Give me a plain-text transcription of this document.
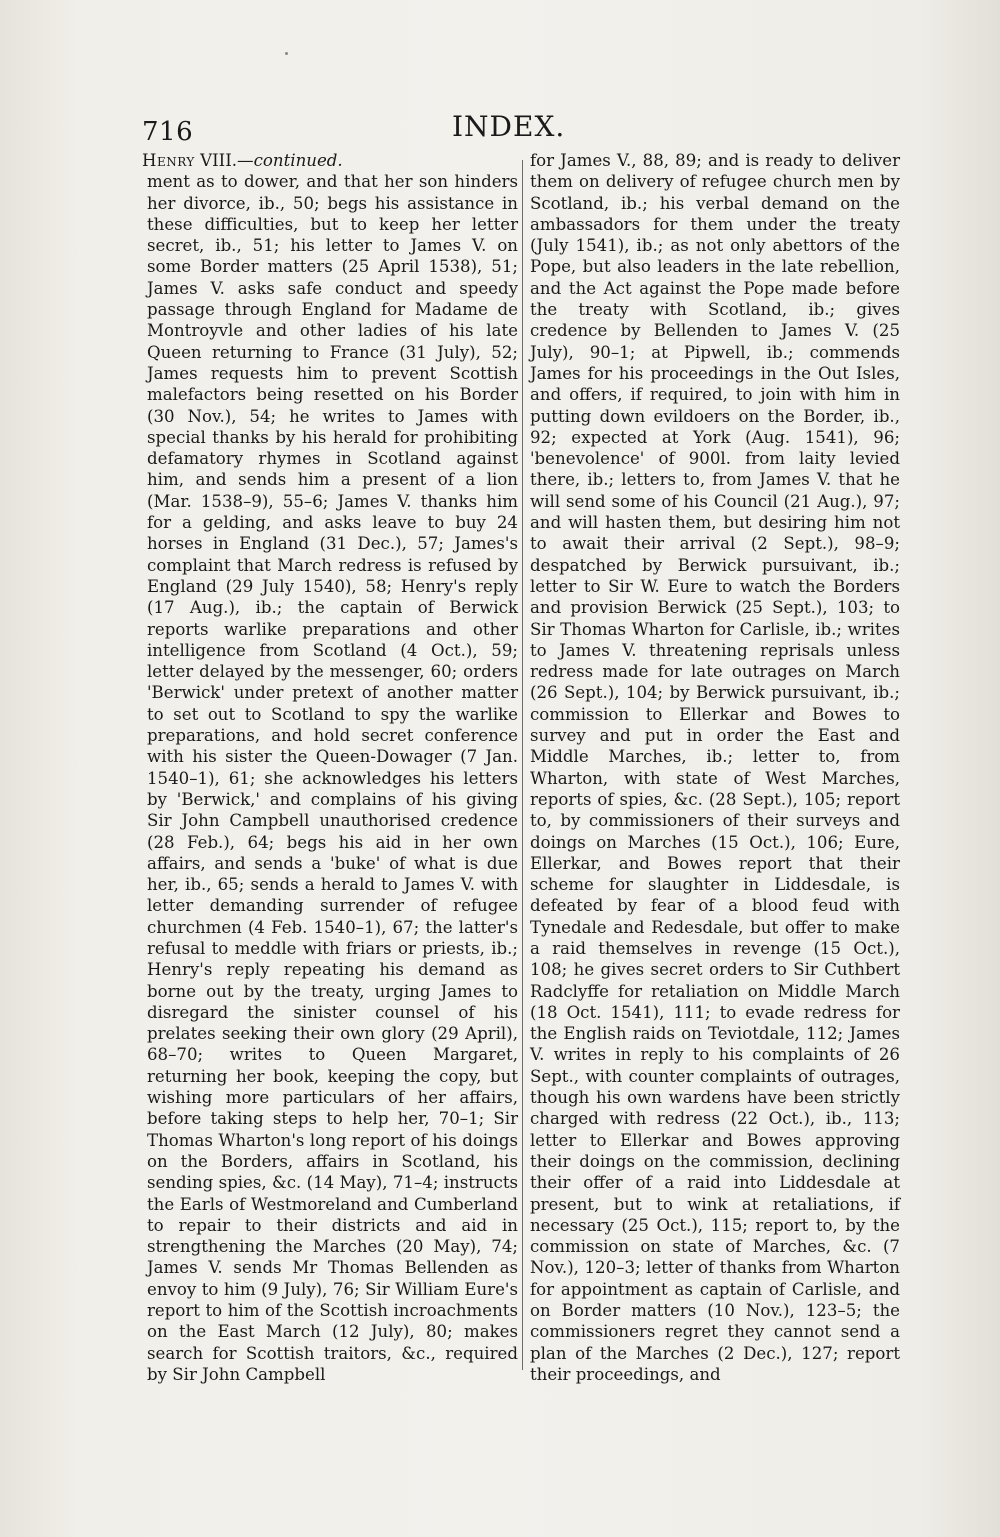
716	INDEX.
Henry VIII.—continued.
ment as to dower, and that her son hinders her divorce, ib., 50; begs his assistance in these difficulties, but to keep her letter secret, ib., 51; his letter to James V. on some Border matters (25 April 1538), 51; James V. asks safe conduct and speedy passage through England for Madame de Montroyvle and other ladies of his late Queen returning to France (31 July), 52; James requests him to prevent Scottish malefactors being resetted on his Border (30 Nov.), 54; he writes to James with special thanks by his herald for prohibiting defamatory rhymes in Scotland against him, and sends him a present of a lion (Mar. 1538–9), 55–6; James V. thanks him for a gelding, and asks leave to buy 24 horses in England (31 Dec.), 57; James's complaint that March redress is refused by England (29 July 1540), 58; Henry's reply (17 Aug.), ib.; the captain of Berwick reports warlike preparations and other intelligence from Scotland (4 Oct.), 59; letter delayed by the messenger, 60; orders 'Berwick' under pretext of another matter to set out to Scotland to spy the warlike preparations, and hold secret conference with his sister the Queen-Dowager (7 Jan. 1540–1), 61; she acknowledges his letters by 'Berwick,' and complains of his giving Sir John Campbell unauthorised credence (28 Feb.), 64; begs his aid in her own affairs, and sends a 'buke' of what is due her, ib., 65; sends a herald to James V. with letter demanding surrender of refugee churchmen (4 Feb. 1540–1), 67; the latter's refusal to meddle with friars or priests, ib.; Henry's reply repeating his demand as borne out by the treaty, urging James to disregard the sinister counsel of his prelates seeking their own glory (29 April), 68–70; writes to Queen Margaret, returning her book, keeping the copy, but wishing more particulars of her affairs, before taking steps to help her, 70–1; Sir Thomas Wharton's long report of his doings on the Borders, affairs in Scotland, his sending spies, &c. (14 May), 71–4; instructs the Earls of Westmoreland and Cumberland to repair to their districts and aid in strengthening the Marches (20 May), 74; James V. sends Mr Thomas Bellenden as envoy to him (9 July), 76; Sir William Eure's report to him of the Scottish incroachments on the East March (12 July), 80; makes search for Scottish traitors, &c., required by Sir John Campbell
for James V., 88, 89; and is ready to deliver them on delivery of refugee church men by Scotland, ib.; his verbal demand on the ambassadors for them under the treaty (July 1541), ib.; as not only abettors of the Pope, but also leaders in the late rebellion, and the Act against the Pope made before the treaty with Scotland, ib.; gives credence by Bellenden to James V. (25 July), 90–1; at Pipwell, ib.; commends James for his proceedings in the Out Isles, and offers, if required, to join with him in putting down evildoers on the Border, ib., 92; expected at York (Aug. 1541), 96; 'benevolence' of 900l. from laity levied there, ib.; letters to, from James V. that he will send some of his Council (21 Aug.), 97; and will hasten them, but desiring him not to await their arrival (2 Sept.), 98–9; despatched by Berwick pursuivant, ib.; letter to Sir W. Eure to watch the Borders and provision Berwick (25 Sept.), 103; to Sir Thomas Wharton for Carlisle, ib.; writes to James V. threatening reprisals unless redress made for late outrages on March (26 Sept.), 104; by Berwick pursuivant, ib.; commission to Ellerkar and Bowes to survey and put in order the East and Middle Marches, ib.; letter to, from Wharton, with state of West Marches, reports of spies, &c. (28 Sept.), 105; report to, by commissioners of their surveys and doings on Marches (15 Oct.), 106; Eure, Ellerkar, and Bowes report that their scheme for slaughter in Liddesdale, is defeated by fear of a blood feud with Tynedale and Redesdale, but offer to make a raid themselves in revenge (15 Oct.), 108; he gives secret orders to Sir Cuthbert Radclyffe for retaliation on Middle March (18 Oct. 1541), 111; to evade redress for the English raids on Teviotdale, 112; James V. writes in reply to his complaints of 26 Sept., with counter complaints of outrages, though his own wardens have been strictly charged with redress (22 Oct.), ib., 113; letter to Ellerkar and Bowes approving their doings on the commission, declining their offer of a raid into Liddesdale at present, but to wink at retaliations, if necessary (25 Oct.), 115; report to, by the commission on state of Marches, &c. (7 Nov.), 120–3; letter of thanks from Wharton for appointment as captain of Carlisle, and on Border matters (10 Nov.), 123–5; the commissioners regret they cannot send a plan of the Marches (2 Dec.), 127; report their proceedings, and
